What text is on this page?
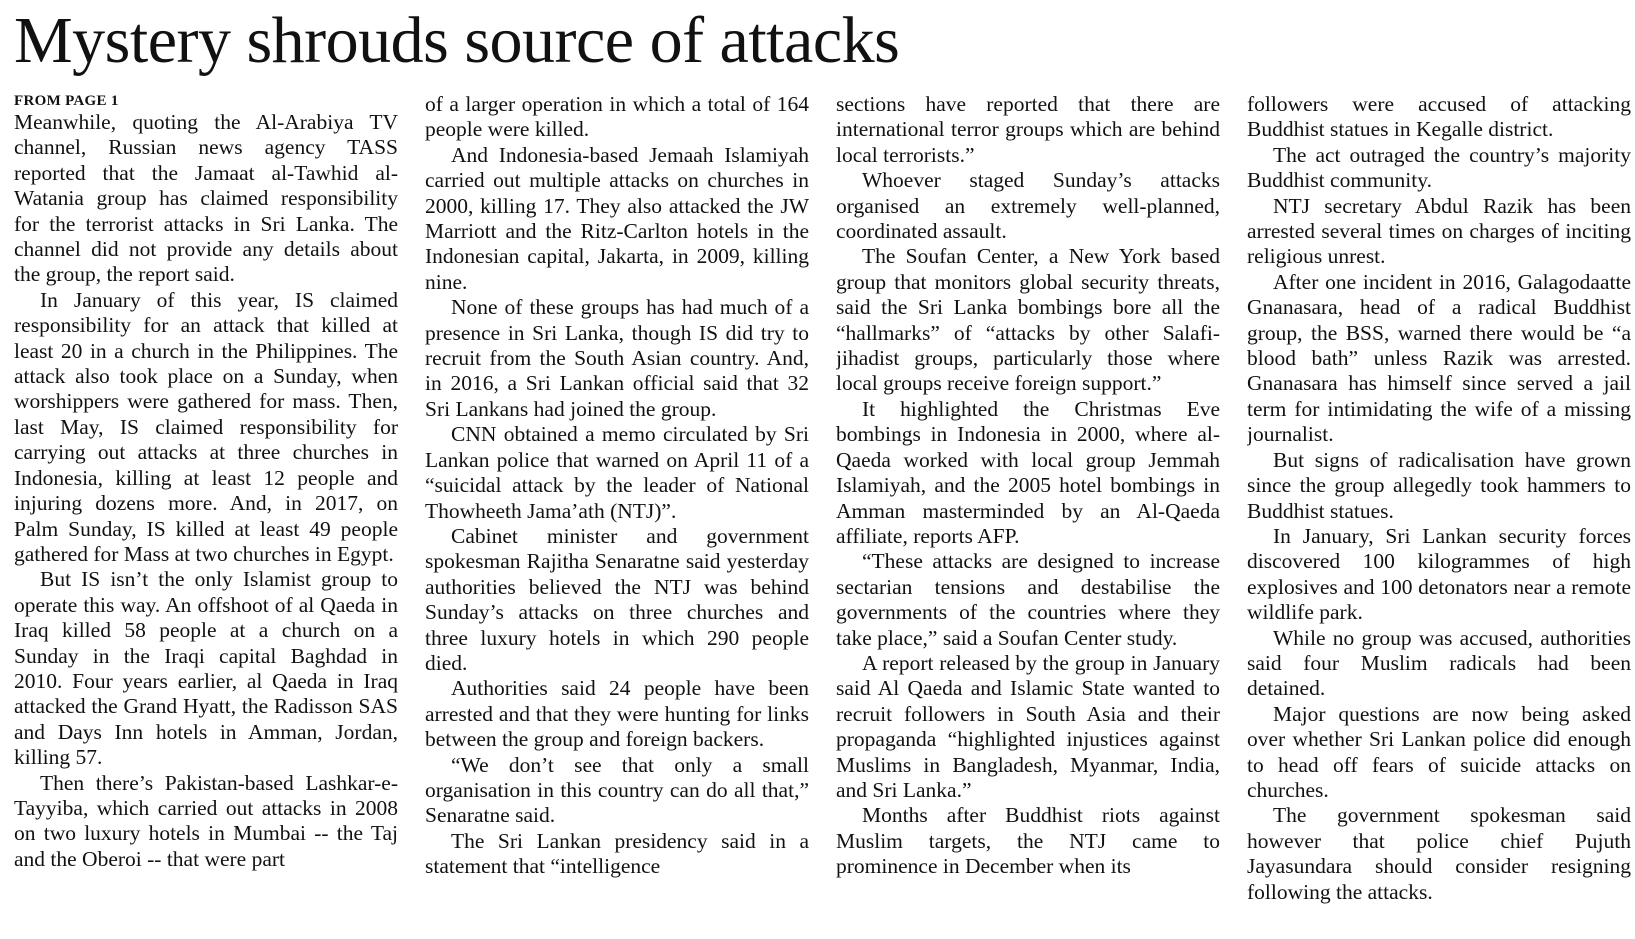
Mystery shrouds source of attacks
FROM PAGE 1

Meanwhile, quoting the Al-Arabiya TV channel, Russian news agency TASS reported that the Jamaat al-Tawhid al-Watania group has claimed responsibility for the terrorist attacks in Sri Lanka. The channel did not provide any details about the group, the report said.

In January of this year, IS claimed responsibility for an attack that killed at least 20 in a church in the Philippines. The attack also took place on a Sunday, when worshippers were gathered for mass. Then, last May, IS claimed responsibility for carrying out attacks at three churches in Indonesia, killing at least 12 people and injuring dozens more. And, in 2017, on Palm Sunday, IS killed at least 49 people gathered for Mass at two churches in Egypt.

But IS isn’t the only Islamist group to operate this way. An offshoot of al Qaeda in Iraq killed 58 people at a church on a Sunday in the Iraqi capital Baghdad in 2010. Four years earlier, al Qaeda in Iraq attacked the Grand Hyatt, the Radisson SAS and Days Inn hotels in Amman, Jordan, killing 57.

Then there’s Pakistan-based Lashkar-e-Tayyiba, which carried out attacks in 2008 on two luxury hotels in Mumbai -- the Taj and the Oberoi -- that were part

of a larger operation in which a total of 164 people were killed.

And Indonesia-based Jemaah Islamiyah carried out multiple attacks on churches in 2000, killing 17. They also attacked the JW Marriott and the Ritz-Carlton hotels in the Indonesian capital, Jakarta, in 2009, killing nine.

None of these groups has had much of a presence in Sri Lanka, though IS did try to recruit from the South Asian country. And, in 2016, a Sri Lankan official said that 32 Sri Lankans had joined the group.

CNN obtained a memo circulated by Sri Lankan police that warned on April 11 of a “suicidal attack by the leader of National Thowheeth Jama’ath (NTJ)”.

Cabinet minister and government spokesman Rajitha Senaratne said yesterday authorities believed the NTJ was behind Sunday’s attacks on three churches and three luxury hotels in which 290 people died.

Authorities said 24 people have been arrested and that they were hunting for links between the group and foreign backers.

“We don’t see that only a small organisation in this country can do all that,” Senaratne said.

The Sri Lankan presidency said in a statement that “intelligence

sections have reported that there are international terror groups which are behind local terrorists.”

Whoever staged Sunday’s attacks organised an extremely well-planned, coordinated assault.

The Soufan Center, a New York based group that monitors global security threats, said the Sri Lanka bombings bore all the “hallmarks” of “attacks by other Salafi-jihadist groups, particularly those where local groups receive foreign support.”

It highlighted the Christmas Eve bombings in Indonesia in 2000, where al-Qaeda worked with local group Jemmah Islamiyah, and the 2005 hotel bombings in Amman masterminded by an Al-Qaeda affiliate, reports AFP.

“These attacks are designed to increase sectarian tensions and destabilise the governments of the countries where they take place,” said a Soufan Center study.

A report released by the group in January said Al Qaeda and Islamic State wanted to recruit followers in South Asia and their propaganda “highlighted injustices against Muslims in Bangladesh, Myanmar, India, and Sri Lanka.”

Months after Buddhist riots against Muslim targets, the NTJ came to prominence in December when its

followers were accused of attacking Buddhist statues in Kegalle district.

The act outraged the country’s majority Buddhist community.

NTJ secretary Abdul Razik has been arrested several times on charges of inciting religious unrest.

After one incident in 2016, Galagodaatte Gnanasara, head of a radical Buddhist group, the BSS, warned there would be “a blood bath” unless Razik was arrested. Gnanasara has himself since served a jail term for intimidating the wife of a missing journalist.

But signs of radicalisation have grown since the group allegedly took hammers to Buddhist statues.

In January, Sri Lankan security forces discovered 100 kilogrammes of high explosives and 100 detonators near a remote wildlife park.

While no group was accused, authorities said four Muslim radicals had been detained.

Major questions are now being asked over whether Sri Lankan police did enough to head off fears of suicide attacks on churches.

The government spokesman said however that police chief Pujuth Jayasundara should consider resigning following the attacks.
